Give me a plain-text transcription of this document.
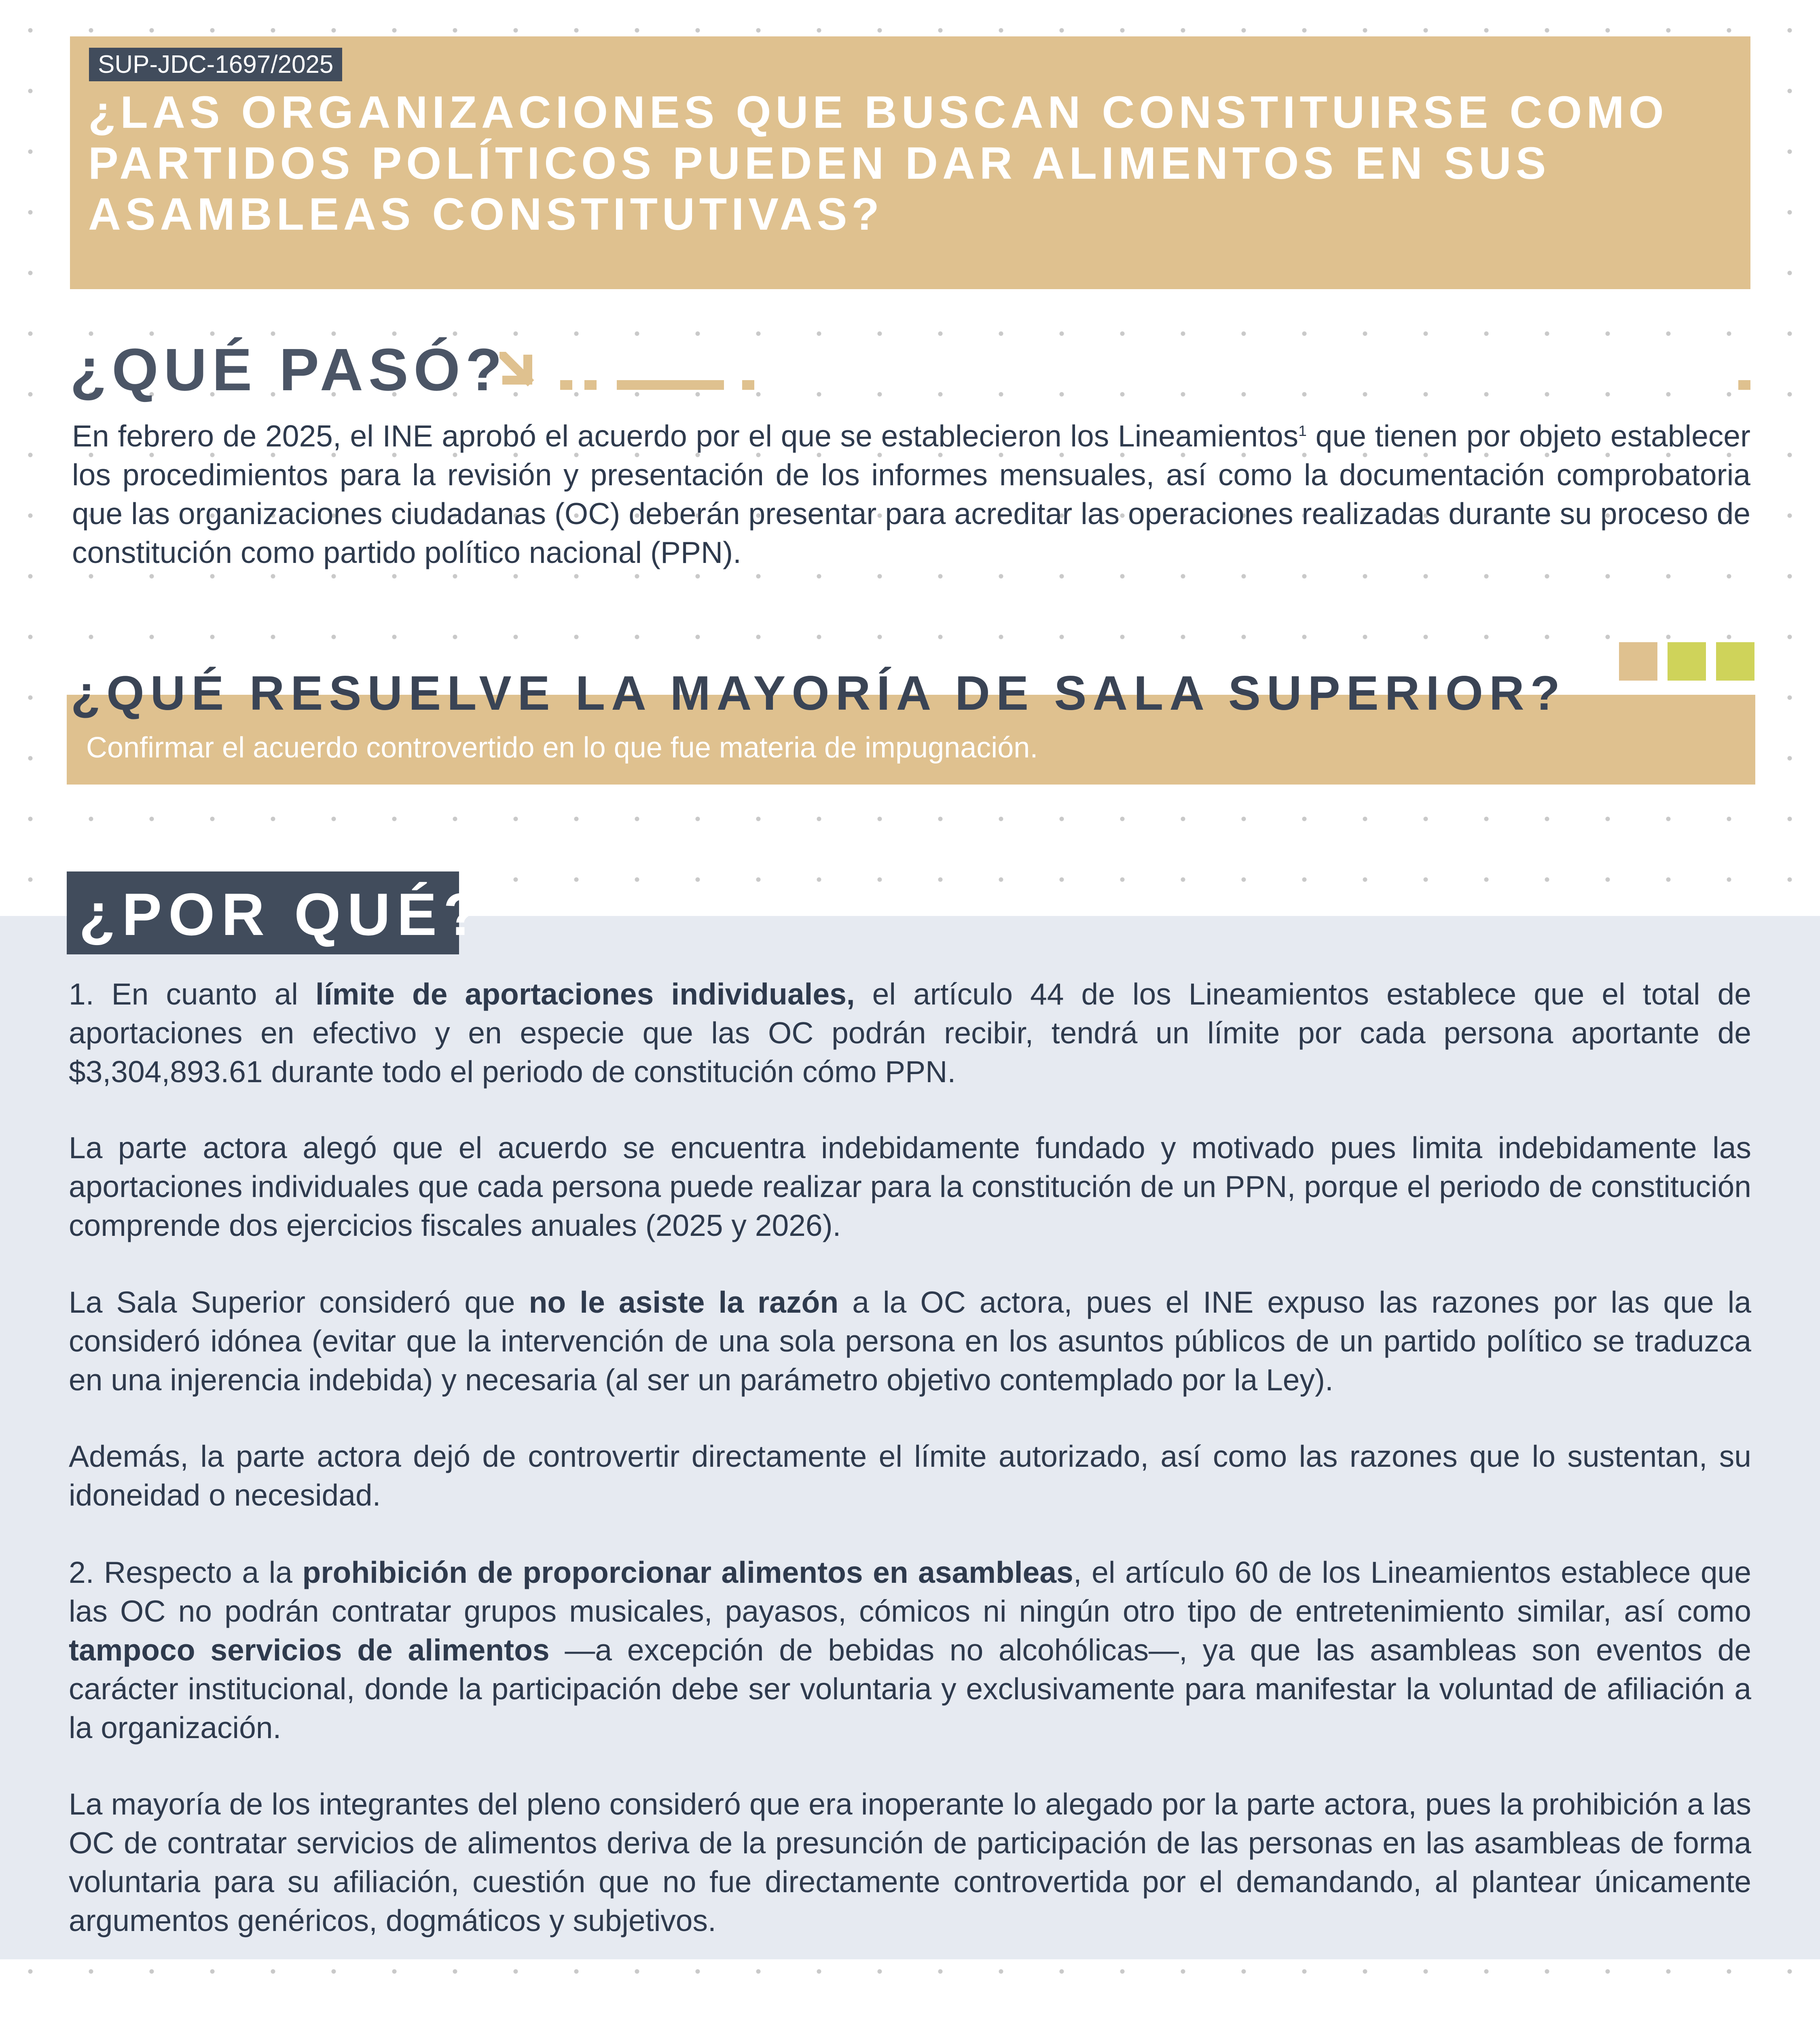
SUP-JDC-1697/2025
¿LAS ORGANIZACIONES QUE BUSCAN CONSTITUIRSE COMO PARTIDOS POLÍTICOS PUEDEN DAR ALIMENTOS EN SUS ASAMBLEAS CONSTITUTIVAS?
¿QUÉ PASÓ?

En febrero de 2025, el INE aprobó el acuerdo por el que se establecieron los Lineamientos$^1$ que tienen por objeto establecer los procedimientos para la revisión y presentación de los informes mensuales, así como la documentación comprobatoria que las organizaciones ciudadanas (OC) deberán presentar para acreditar las operaciones realizadas durante su proceso de constitución como partido político nacional (PPN).

¿QUÉ RESUELVE LA MAYORÍA DE SALA SUPERIOR?

Confirmar el acuerdo controvertido en lo que fue materia de impugnación.

¿POR QUÉ?

1. En cuanto al límite de aportaciones individuales, el artículo 44 de los Lineamientos establece que el total de aportaciones en efectivo y en especie que las OC podrán recibir, tendrá un límite por cada persona aportante de $3,304,893.61 durante todo el periodo de constitución cómo PPN.

La parte actora alegó que el acuerdo se encuentra indebidamente fundado y motivado pues limita indebidamente las aportaciones individuales que cada persona puede realizar para la constitución de un PPN, porque el periodo de constitución comprende dos ejercicios fiscales anuales (2025 y 2026).

La Sala Superior consideró que no le asiste la razón a la OC actora, pues el INE expuso las razones por las que la consideró idónea (evitar que la intervención de una sola persona en los asuntos públicos de un partido político se traduzca en una injerencia indebida) y necesaria (al ser un parámetro objetivo contemplado por la Ley).

Además, la parte actora dejó de controvertir directamente el límite autorizado, así como las razones que lo sustentan, su idoneidad o necesidad.

2. Respecto a la prohibición de proporcionar alimentos en asambleas, el artículo 60 de los Lineamientos establece que las OC no podrán contratar grupos musicales, payasos, cómicos ni ningún otro tipo de entretenimiento similar, así como tampoco servicios de alimentos —a excepción de bebidas no alcohólicas—, ya que las asambleas son eventos de carácter institucional, donde la participación debe ser voluntaria y exclusivamente para manifestar la voluntad de afiliación a la organización.

La mayoría de los integrantes del pleno consideró que era inoperante lo alegado por la parte actora, pues la prohibición a las OC de contratar servicios de alimentos deriva de la presunción de participación de las personas en las asambleas de forma voluntaria para su afiliación, cuestión que no fue directamente controvertida por el demandando, al plantear únicamente argumentos genéricos, dogmáticos y subjetivos.
